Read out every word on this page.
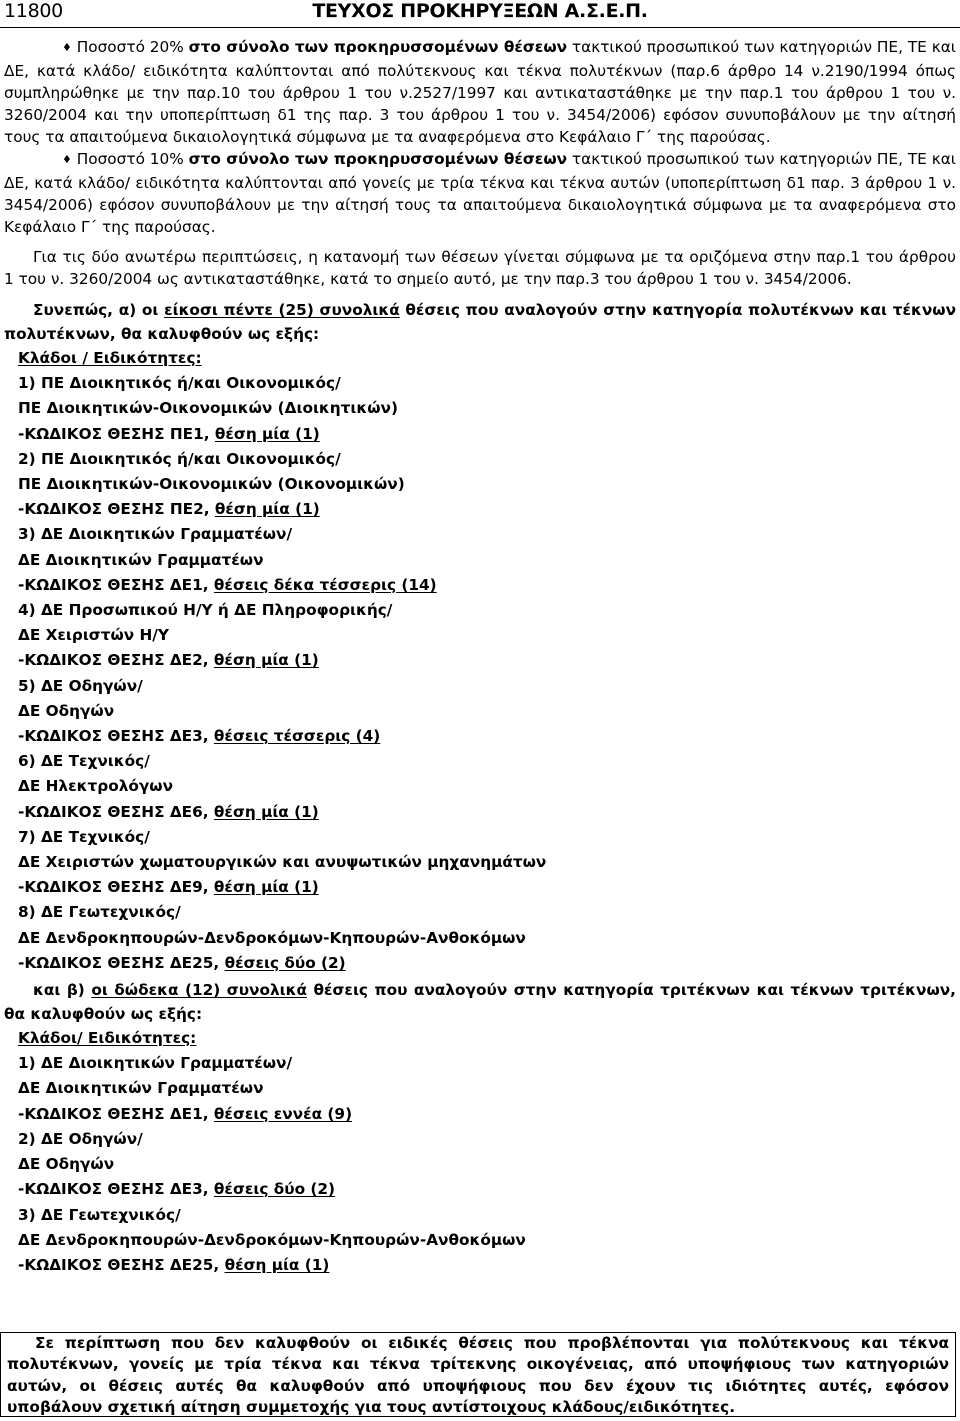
11800	ΤΕΥΧΟΣ ΠΡΟΚΗΡΥΞΕΩΝ Α.Σ.Ε.Π.

♦ Ποσοστό 20% στο σύνολο των προκηρυσσομένων θέσεων τακτικού προσωπικού των κατηγοριών ΠΕ, ΤΕ και ΔΕ, κατά κλάδο/ ειδικότητα καλύπτονται από πολύτεκνους και τέκνα πολυτέκνων (παρ.6 άρθρο 14 ν.2190/1994 όπως συμπληρώθηκε με την παρ.10 του άρθρου 1 του ν.2527/1997 και αντικαταστάθηκε με την παρ.1 του άρθρου 1 του ν. 3260/2004 και την υποπερίπτωση δ1 της παρ. 3 του άρθρου 1 του ν. 3454/2006) εφόσον συνυποβάλουν με την αίτησή τους τα απαιτούμενα δικαιολογητικά σύμφωνα με τα αναφερόμενα στο Κεφάλαιο Γ΄ της παρούσας.

♦ Ποσοστό 10% στο σύνολο των προκηρυσσομένων θέσεων τακτικού προσωπικού των κατηγοριών ΠΕ, ΤΕ και ΔΕ, κατά κλάδο/ ειδικότητα καλύπτονται από γονείς με τρία τέκνα και τέκνα αυτών (υποπερίπτωση δ1 παρ. 3 άρθρου 1 ν. 3454/2006) εφόσον συνυποβάλουν με την αίτησή τους τα απαιτούμενα δικαιολογητικά σύμφωνα με τα αναφερόμενα στο Κεφάλαιο Γ΄ της παρούσας.

Για τις δύο ανωτέρω περιπτώσεις, η κατανομή των θέσεων γίνεται σύμφωνα με τα οριζόμενα στην παρ.1 του άρθρου 1 του ν. 3260/2004 ως αντικαταστάθηκε, κατά το σημείο αυτό, με την παρ.3 του άρθρου 1 του ν. 3454/2006.

Συνεπώς, α) οι είκοσι πέντε (25) συνολικά θέσεις που αναλογούν στην κατηγορία πολυτέκνων και τέκνων πολυτέκνων, θα καλυφθούν ως εξής:

Κλάδοι / Ειδικότητες:

1) ΠΕ Διοικητικός ή/και Οικονομικός/

ΠΕ Διοικητικών-Οικονομικών (Διοικητικών)

-ΚΩΔΙΚΟΣ ΘΕΣΗΣ ΠΕ1, θέση μία (1)

2) ΠΕ Διοικητικός ή/και Οικονομικός/

ΠΕ Διοικητικών-Οικονομικών (Οικονομικών)

-ΚΩΔΙΚΟΣ ΘΕΣΗΣ ΠΕ2, θέση μία (1)

3) ΔΕ Διοικητικών Γραμματέων/

ΔΕ Διοικητικών Γραμματέων

-ΚΩΔΙΚΟΣ ΘΕΣΗΣ ΔΕ1, θέσεις δέκα τέσσερις (14)

4) ΔΕ Προσωπικού Η/Υ ή ΔΕ Πληροφορικής/

ΔΕ Χειριστών Η/Υ

-ΚΩΔΙΚΟΣ ΘΕΣΗΣ ΔΕ2, θέση μία (1)

5) ΔΕ Οδηγών/

ΔΕ Οδηγών

-ΚΩΔΙΚΟΣ ΘΕΣΗΣ ΔΕ3, θέσεις τέσσερις (4)

6) ΔΕ Τεχνικός/

ΔΕ Ηλεκτρολόγων

-ΚΩΔΙΚΟΣ ΘΕΣΗΣ ΔΕ6, θέση μία (1)

7) ΔΕ Τεχνικός/

ΔΕ Χειριστών χωματουργικών και ανυψωτικών μηχανημάτων

-ΚΩΔΙΚΟΣ ΘΕΣΗΣ ΔΕ9, θέση μία (1)

8) ΔΕ Γεωτεχνικός/

ΔΕ Δενδροκηπουρών-Δενδροκόμων-Κηπουρών-Ανθοκόμων

-ΚΩΔΙΚΟΣ ΘΕΣΗΣ ΔΕ25, θέσεις δύο (2)

και β) οι δώδεκα (12) συνολικά θέσεις που αναλογούν στην κατηγορία τριτέκνων και τέκνων τριτέκνων, θα καλυφθούν ως εξής:

Κλάδοι/ Ειδικότητες:

1) ΔΕ Διοικητικών Γραμματέων/

ΔΕ Διοικητικών Γραμματέων

-ΚΩΔΙΚΟΣ ΘΕΣΗΣ ΔΕ1, θέσεις εννέα (9)

2) ΔΕ Οδηγών/

ΔΕ Οδηγών

-ΚΩΔΙΚΟΣ ΘΕΣΗΣ ΔΕ3, θέσεις δύο (2)

3) ΔΕ Γεωτεχνικός/

ΔΕ Δενδροκηπουρών-Δενδροκόμων-Κηπουρών-Ανθοκόμων

-ΚΩΔΙΚΟΣ ΘΕΣΗΣ ΔΕ25, θέση μία (1)

Σε περίπτωση που δεν καλυφθούν οι ειδικές θέσεις που προβλέπονται για πολύτεκνους και τέκνα πολυτέκνων, γονείς με τρία τέκνα και τέκνα τρίτεκνης οικογένειας, από υποψήφιους των κατηγοριών αυτών, οι θέσεις αυτές θα καλυφθούν από υποψήφιους που δεν έχουν τις ιδιότητες αυτές, εφόσον υποβάλουν σχετική αίτηση συμμετοχής για τους αντίστοιχους κλάδους/ειδικότητες.
